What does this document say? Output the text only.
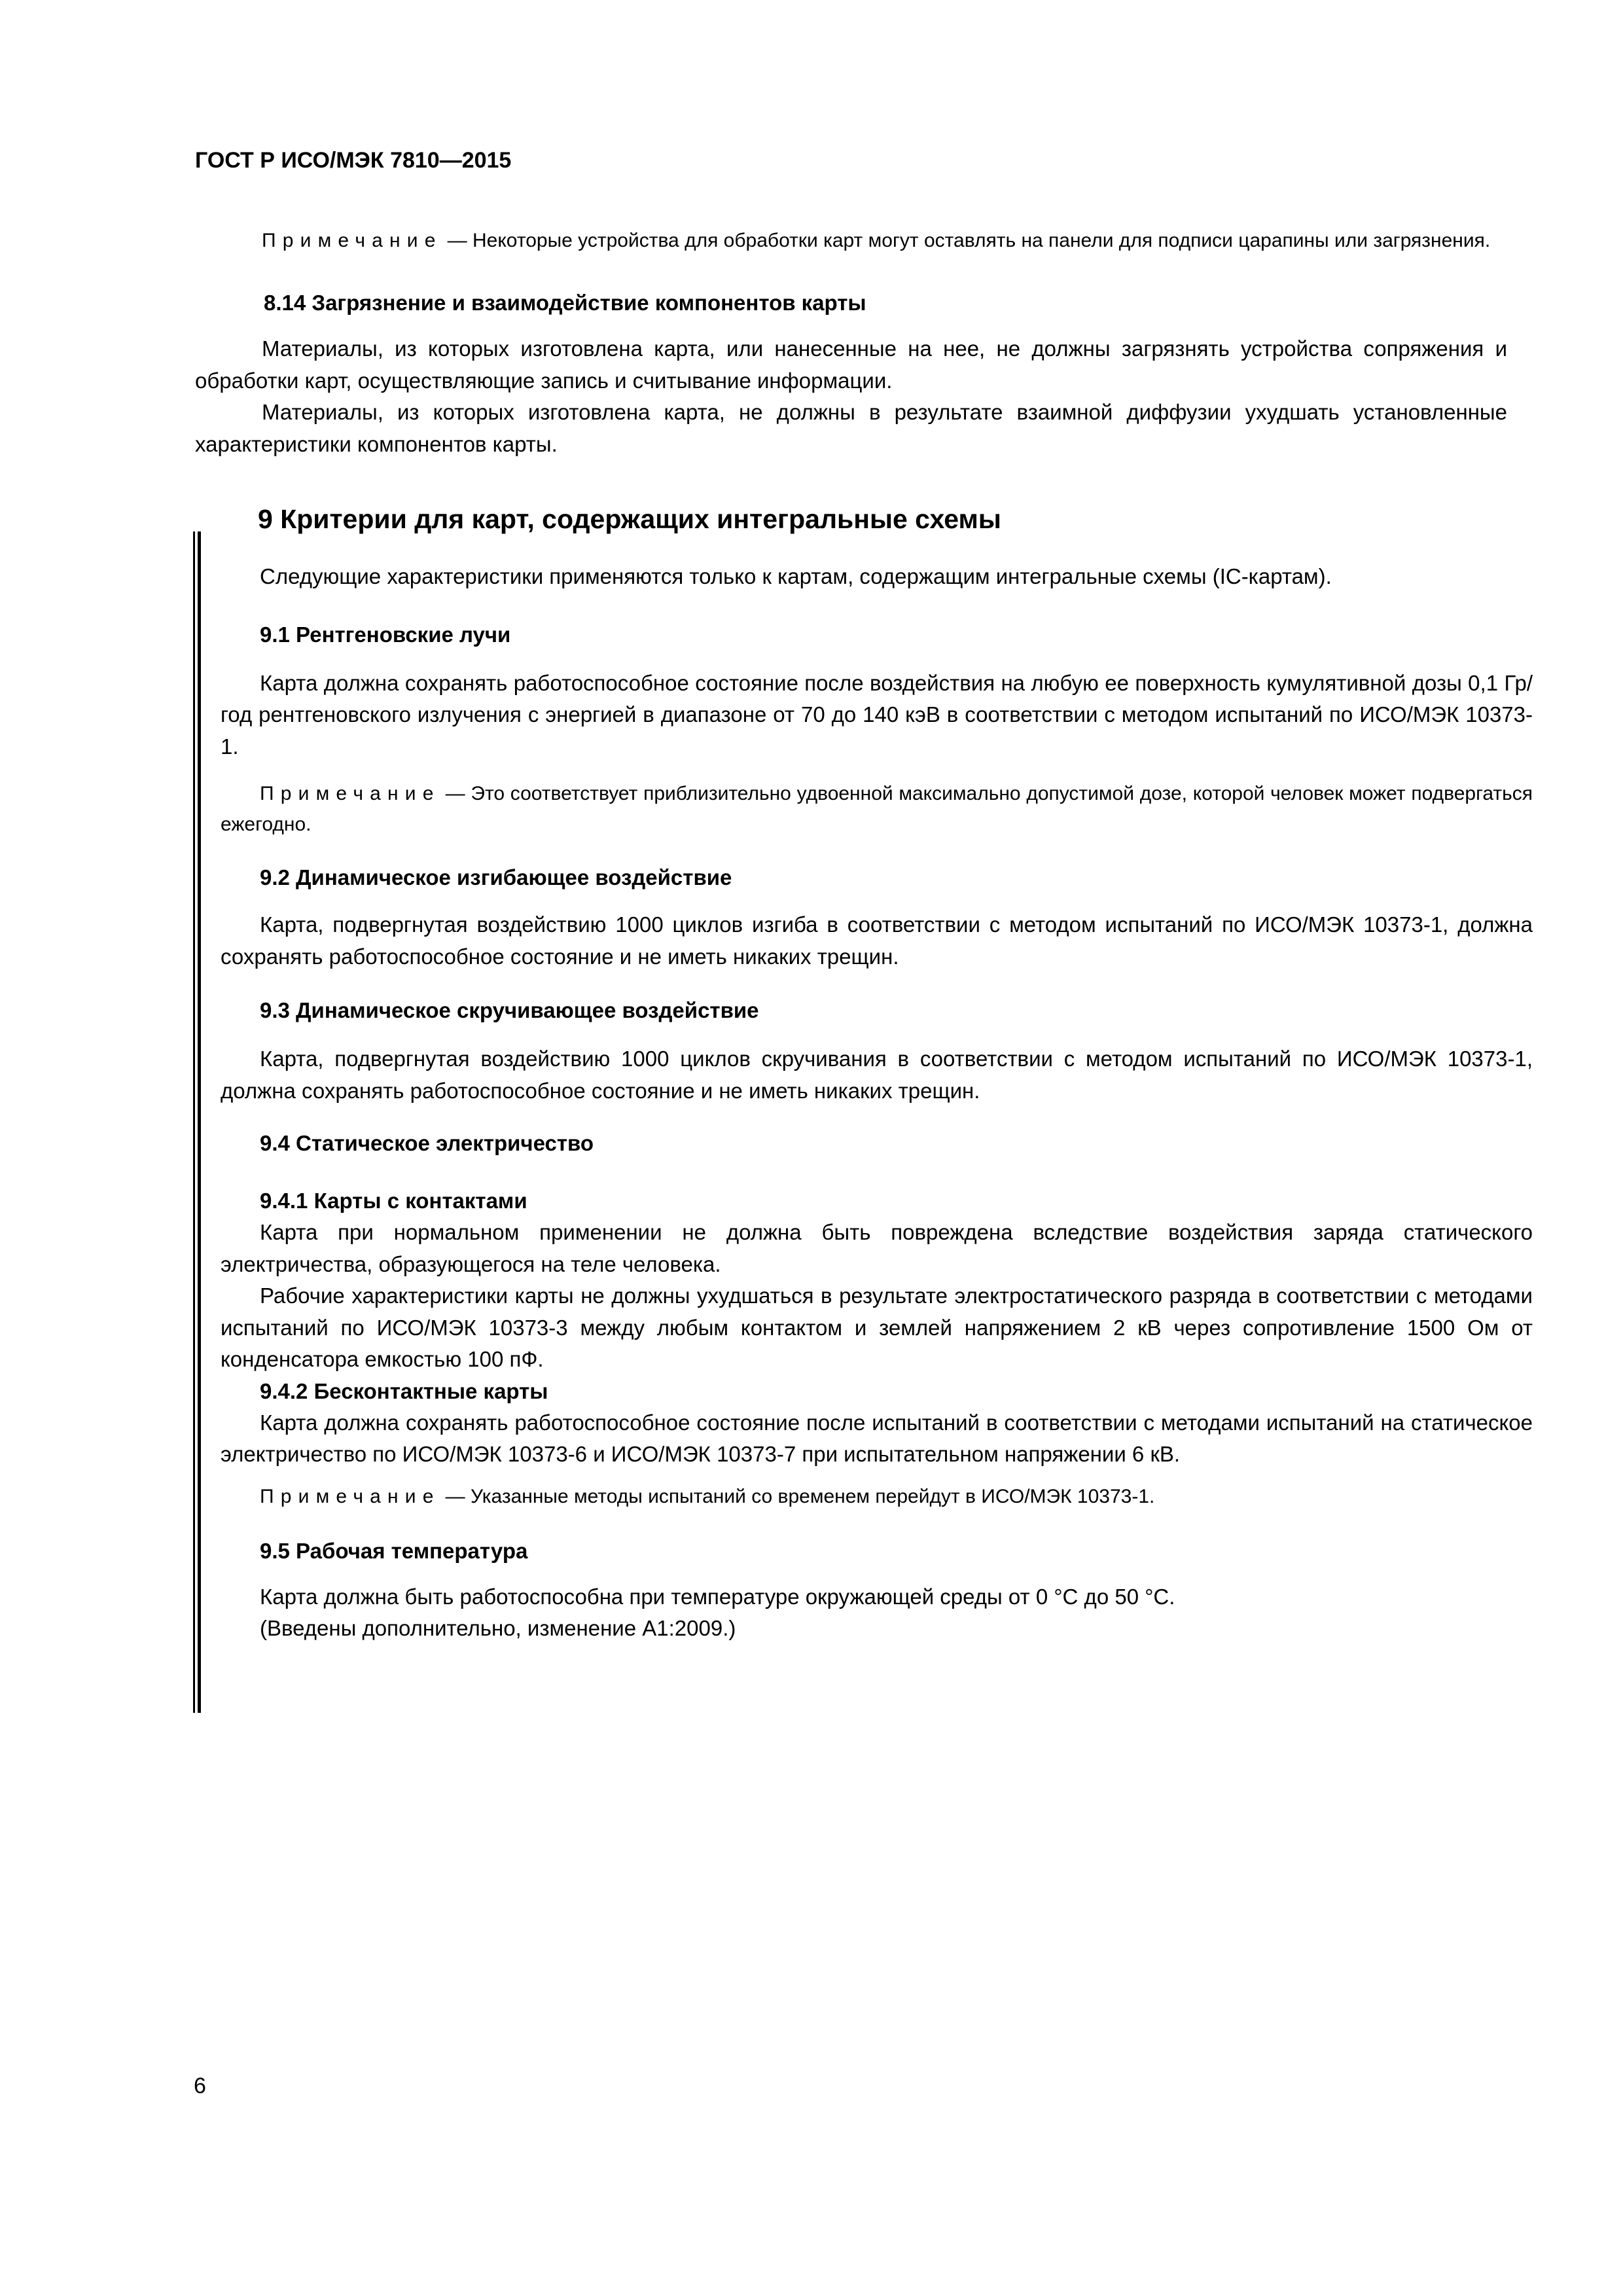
ГОСТ Р ИСО/МЭК 7810—2015

Примечание — Некоторые устройства для обработки карт могут оставлять на панели для подписи царапины или загрязнения.

8.14 Загрязнение и взаимодействие компонентов карты

Материалы, из которых изготовлена карта, или нанесенные на нее, не должны загрязнять устройства сопряжения и обработки карт, осуществляющие запись и считывание информации.

Материалы, из которых изготовлена карта, не должны в результате взаимной диффузии ухудшать установленные характеристики компонентов карты.

9 Критерии для карт, содержащих интегральные схемы

Следующие характеристики применяются только к картам, содержащим интегральные схемы (IC-картам).

9.1 Рентгеновские лучи

Карта должна сохранять работоспособное состояние после воздействия на любую ее поверхность кумулятивной дозы 0,1 Гр/год рентгеновского излучения с энергией в диапазоне от 70 до 140 кэВ в соответствии с методом испытаний по ИСО/МЭК 10373-1.

Примечание — Это соответствует приблизительно удвоенной максимально допустимой дозе, которой человек может подвергаться ежегодно.

9.2 Динамическое изгибающее воздействие

Карта, подвергнутая воздействию 1000 циклов изгиба в соответствии с методом испытаний по ИСО/МЭК 10373-1, должна сохранять работоспособное состояние и не иметь никаких трещин.

9.3 Динамическое скручивающее воздействие

Карта, подвергнутая воздействию 1000 циклов скручивания в соответствии с методом испытаний по ИСО/МЭК 10373-1, должна сохранять работоспособное состояние и не иметь никаких трещин.

9.4 Статическое электричество
9.4.1 Карты с контактами

Карта при нормальном применении не должна быть повреждена вследствие воздействия заряда статического электричества, образующегося на теле человека.

Рабочие характеристики карты не должны ухудшаться в результате электростатического разряда в соответствии с методами испытаний по ИСО/МЭК 10373-3 между любым контактом и землей напряжением 2 кВ через сопротивление 1500 Ом от конденсатора емкостью 100 пФ.

9.4.2 Бесконтактные карты

Карта должна сохранять работоспособное состояние после испытаний в соответствии с методами испытаний на статическое электричество по ИСО/МЭК 10373-6 и ИСО/МЭК 10373-7 при испытательном напряжении 6 кВ.

Примечание — Указанные методы испытаний со временем перейдут в ИСО/МЭК 10373-1.

9.5 Рабочая температура

Карта должна быть работоспособна при температуре окружающей среды от 0 °С до 50 °С.

(Введены дополнительно, изменение А1:2009.)

6
